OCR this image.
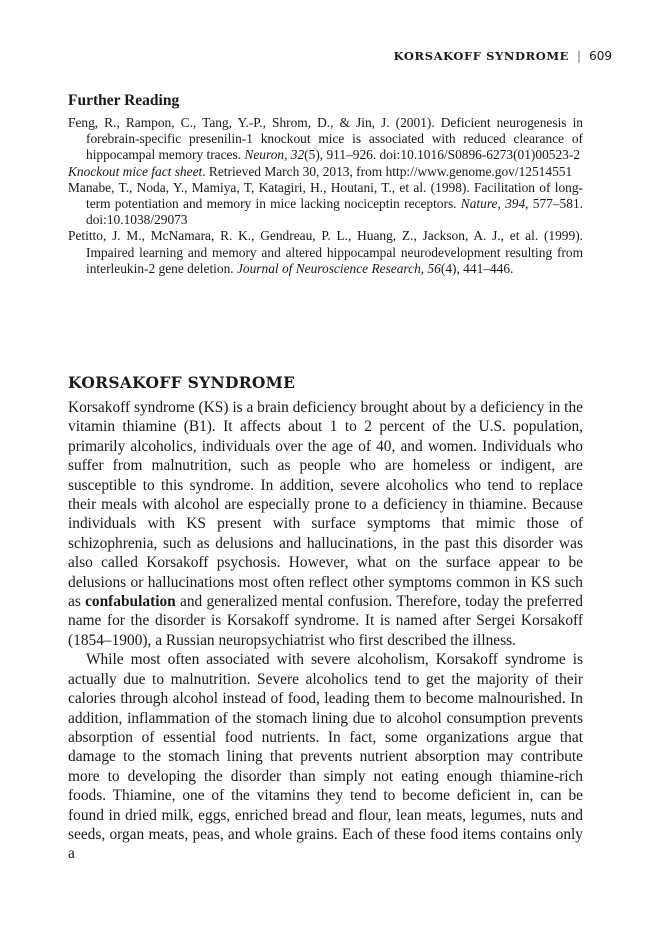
KORSAKOFF SYNDROME | 609
Further Reading
Feng, R., Rampon, C., Tang, Y.-P., Shrom, D., & Jin, J. (2001). Deficient neurogenesis in forebrain-specific presenilin-1 knockout mice is associated with reduced clearance of hippocampal memory traces. Neuron, 32(5), 911–926. doi:10.1016/S0896-6273(01)00523-2
Knockout mice fact sheet. Retrieved March 30, 2013, from http://www.genome.gov/12514551
Manabe, T., Noda, Y., Mamiya, T, Katagiri, H., Houtani, T., et al. (1998). Facilitation of long-term potentiation and memory in mice lacking nociceptin receptors. Nature, 394, 577–581. doi:10.1038/29073
Petitto, J. M., McNamara, R. K., Gendreau, P. L., Huang, Z., Jackson, A. J., et al. (1999). Impaired learning and memory and altered hippocampal neurodevelopment resulting from interleukin-2 gene deletion. Journal of Neuroscience Research, 56(4), 441–446.
KORSAKOFF SYNDROME

Korsakoff syndrome (KS) is a brain deficiency brought about by a deficiency in the vitamin thiamine (B1). It affects about 1 to 2 percent of the U.S. population, primarily alcoholics, individuals over the age of 40, and women. Individuals who suffer from malnutrition, such as people who are homeless or indigent, are susceptible to this syndrome. In addition, severe alcoholics who tend to replace their meals with alcohol are especially prone to a deficiency in thiamine. Because individuals with KS present with surface symptoms that mimic those of schizophrenia, such as delusions and hallucinations, in the past this disorder was also called Korsakoff psychosis. However, what on the surface appear to be delusions or hallucinations most often reflect other symptoms common in KS such as confabulation and generalized mental confusion. Therefore, today the preferred name for the disorder is Korsakoff syndrome. It is named after Sergei Korsakoff (1854–1900), a Russian neuropsychiatrist who first described the illness.

While most often associated with severe alcoholism, Korsakoff syndrome is actually due to malnutrition. Severe alcoholics tend to get the majority of their calories through alcohol instead of food, leading them to become malnourished. In addition, inflammation of the stomach lining due to alcohol consumption prevents absorption of essential food nutrients. In fact, some organizations argue that damage to the stomach lining that prevents nutrient absorption may contribute more to developing the disorder than simply not eating enough thiamine-rich foods. Thiamine, one of the vitamins they tend to become deficient in, can be found in dried milk, eggs, enriched bread and flour, lean meats, legumes, nuts and seeds, organ meats, peas, and whole grains. Each of these food items contains only a
